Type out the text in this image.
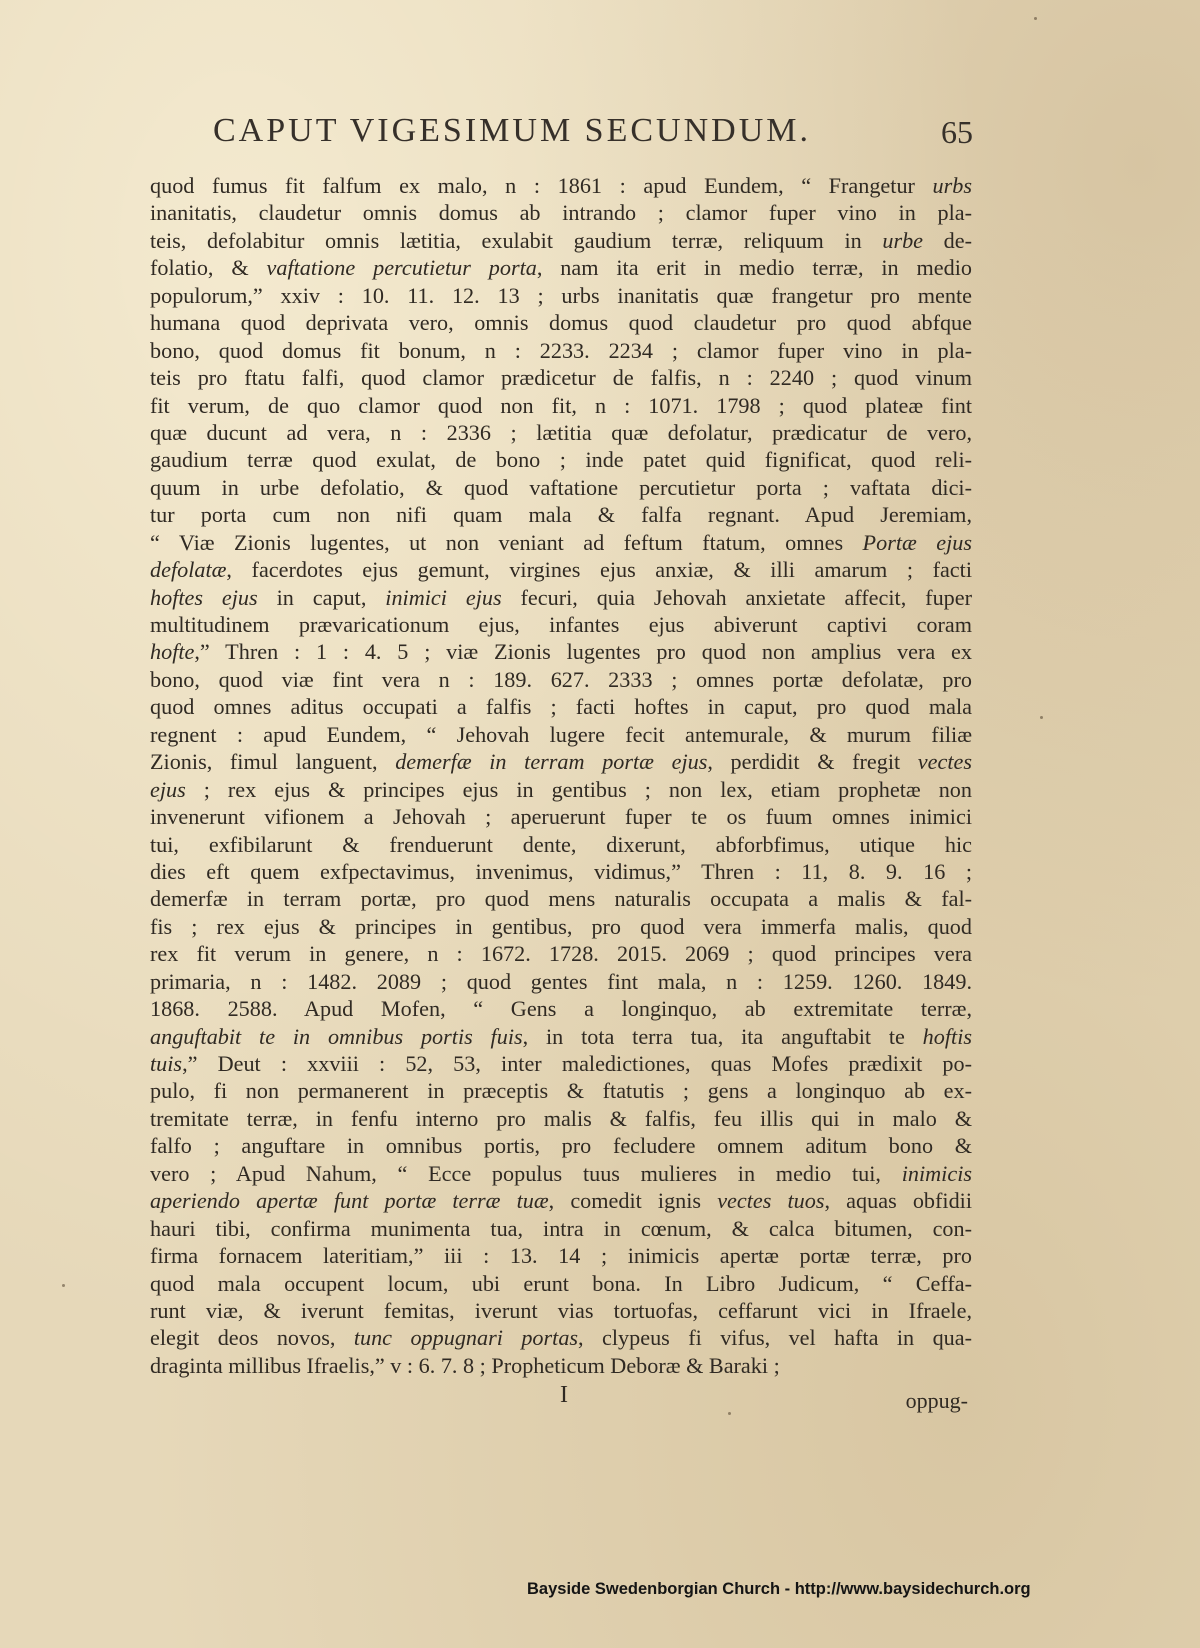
CAPUT VIGESIMUM SECUNDUM.	65
quod fumus fit falfum ex malo, n : 1861 : apud Eundem, “ Frangetur urbs
inanitatis, claudetur omnis domus ab intrando ; clamor fuper vino in pla-
teis, defolabitur omnis lætitia, exulabit gaudium terræ, reliquum in urbe de-
folatio, & vaftatione percutietur porta, nam ita erit in medio terræ, in medio
populorum,” xxiv : 10. 11. 12. 13 ; urbs inanitatis quæ frangetur pro mente
humana quod deprivata vero, omnis domus quod claudetur pro quod abfque
bono, quod domus fit bonum, n : 2233. 2234 ; clamor fuper vino in pla-
teis pro ftatu falfi, quod clamor prædicetur de falfis, n : 2240 ; quod vinum
fit verum, de quo clamor quod non fit, n : 1071. 1798 ; quod plateæ fint
quæ ducunt ad vera, n : 2336 ; lætitia quæ defolatur, prædicatur de vero,
gaudium terræ quod exulat, de bono ; inde patet quid fignificat, quod reli-
quum in urbe defolatio, & quod vaftatione percutietur porta ; vaftata dici-
tur porta cum non nifi quam mala & falfa regnant. Apud Jeremiam,
“ Viæ Zionis lugentes, ut non veniant ad feftum ftatum, omnes Portæ ejus
defolatæ, facerdotes ejus gemunt, virgines ejus anxiæ, & illi amarum ; facti
hoftes ejus in caput, inimici ejus fecuri, quia Jehovah anxietate affecit, fuper
multitudinem prævaricationum ejus, infantes ejus abiverunt captivi coram
hofte,” Thren : 1 : 4. 5 ; viæ Zionis lugentes pro quod non amplius vera ex
bono, quod viæ fint vera n : 189. 627. 2333 ; omnes portæ defolatæ, pro
quod omnes aditus occupati a falfis ; facti hoftes in caput, pro quod mala
regnent : apud Eundem, “ Jehovah lugere fecit antemurale, & murum filiæ
Zionis, fimul languent, demerfæ in terram portæ ejus, perdidit & fregit vectes
ejus ; rex ejus & principes ejus in gentibus ; non lex, etiam prophetæ non
invenerunt vifionem a Jehovah ; aperuerunt fuper te os fuum omnes inimici
tui, exfibilarunt & frenduerunt dente, dixerunt, abforbfimus, utique hic
dies eft quem exfpectavimus, invenimus, vidimus,” Thren : 11, 8. 9. 16 ;
demerfæ in terram portæ, pro quod mens naturalis occupata a malis & fal-
fis ; rex ejus & principes in gentibus, pro quod vera immerfa malis, quod
rex fit verum in genere, n : 1672. 1728. 2015. 2069 ; quod principes vera
primaria, n : 1482. 2089 ; quod gentes fint mala, n : 1259. 1260. 1849.
1868. 2588. Apud Mofen, “ Gens a longinquo, ab extremitate terræ,
anguftabit te in omnibus portis fuis, in tota terra tua, ita anguftabit te hoftis
tuis,” Deut : xxviii : 52, 53, inter maledictiones, quas Mofes prædixit po-
pulo, fi non permanerent in præceptis & ftatutis ; gens a longinquo ab ex-
tremitate terræ, in fenfu interno pro malis & falfis, feu illis qui in malo &
falfo ; anguftare in omnibus portis, pro fecludere omnem aditum bono &
vero ; Apud Nahum, “ Ecce populus tuus mulieres in medio tui, inimicis
aperiendo apertæ funt portæ terræ tuæ, comedit ignis vectes tuos, aquas obfidii
hauri tibi, confirma munimenta tua, intra in cœnum, & calca bitumen, con-
firma fornacem lateritiam,” iii : 13. 14 ; inimicis apertæ portæ terræ, pro
quod mala occupent locum, ubi erunt bona. In Libro Judicum, “ Ceffa-
runt viæ, & iverunt femitas, iverunt vias tortuofas, ceffarunt vici in Ifraele,
elegit deos novos, tunc oppugnari portas, clypeus fi vifus, vel hafta in qua-
draginta millibus Ifraelis,” v : 6. 7. 8 ; Propheticum Deboræ & Baraki ;
I	oppug-
Bayside Swedenborgian Church - http://www.baysidechurch.org
